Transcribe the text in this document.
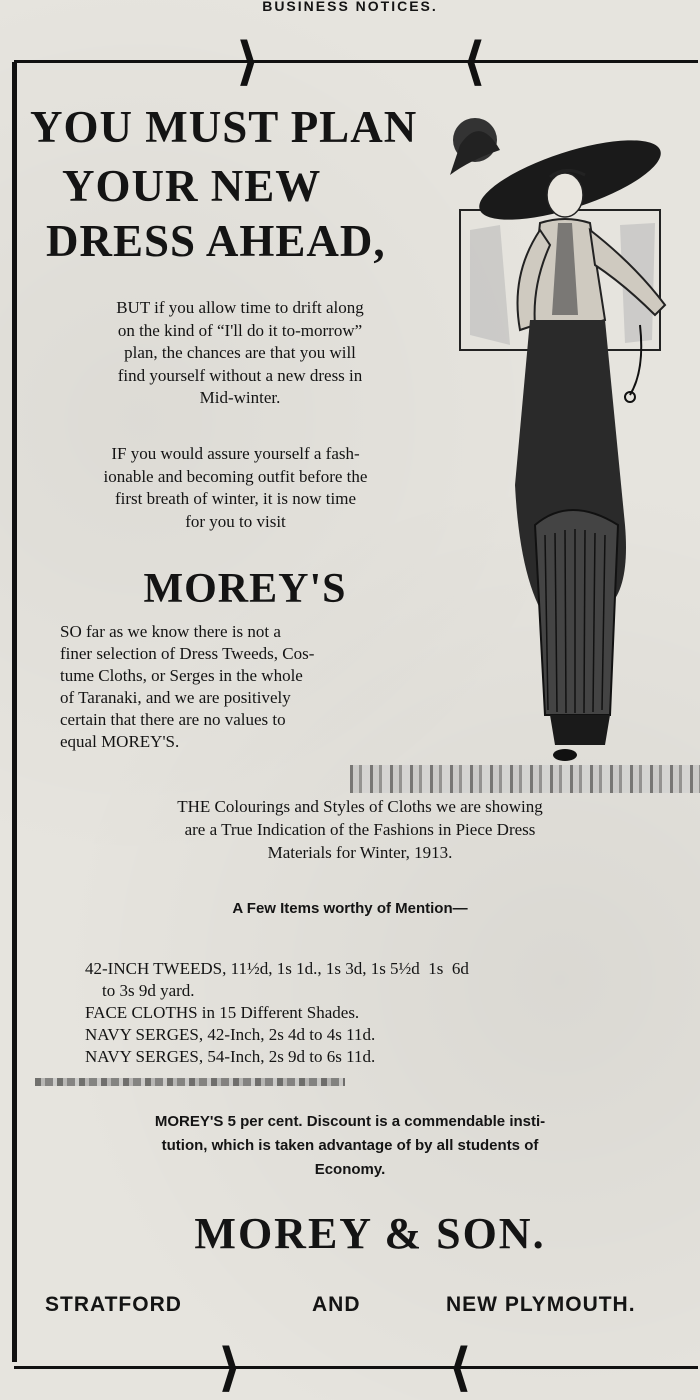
BUSINESS NOTICES.
⟩	⟨
YOU MUST PLAN
YOUR NEW
DRESS AHEAD,
BUT if you allow time to drift along
on the kind of “I'll do it to-morrow”
plan, the chances are that you will
find yourself without a new dress in
Mid-winter.
IF you would assure yourself a fash-
ionable and becoming outfit before the
first breath of winter, it is now time
for you to visit
MOREY'S
SO far as we know there is not a
finer selection of Dress Tweeds, Cos-
tume Cloths, or Serges in the whole
of Taranaki, and we are positively
certain that there are no values to
equal MOREY'S.
THE Colourings and Styles of Cloths we are showing
are a True Indication of the Fashions in Piece Dress
Materials for Winter, 1913.
A Few Items worthy of Mention—
42-INCH TWEEDS, 11½d, 1s 1d., 1s 3d, 1s 5½d  1s  6d
to 3s 9d yard.
FACE CLOTHS in 15 Different Shades.
NAVY SERGES, 42-Inch, 2s 4d to 4s 11d.
NAVY SERGES, 54-Inch, 2s 9d to 6s 11d.
MOREY'S 5 per cent. Discount is a commendable insti-
tution, which is taken advantage of by all students of
Economy.
MOREY & SON.
STRATFORD	AND	NEW PLYMOUTH.
⟩	⟨
